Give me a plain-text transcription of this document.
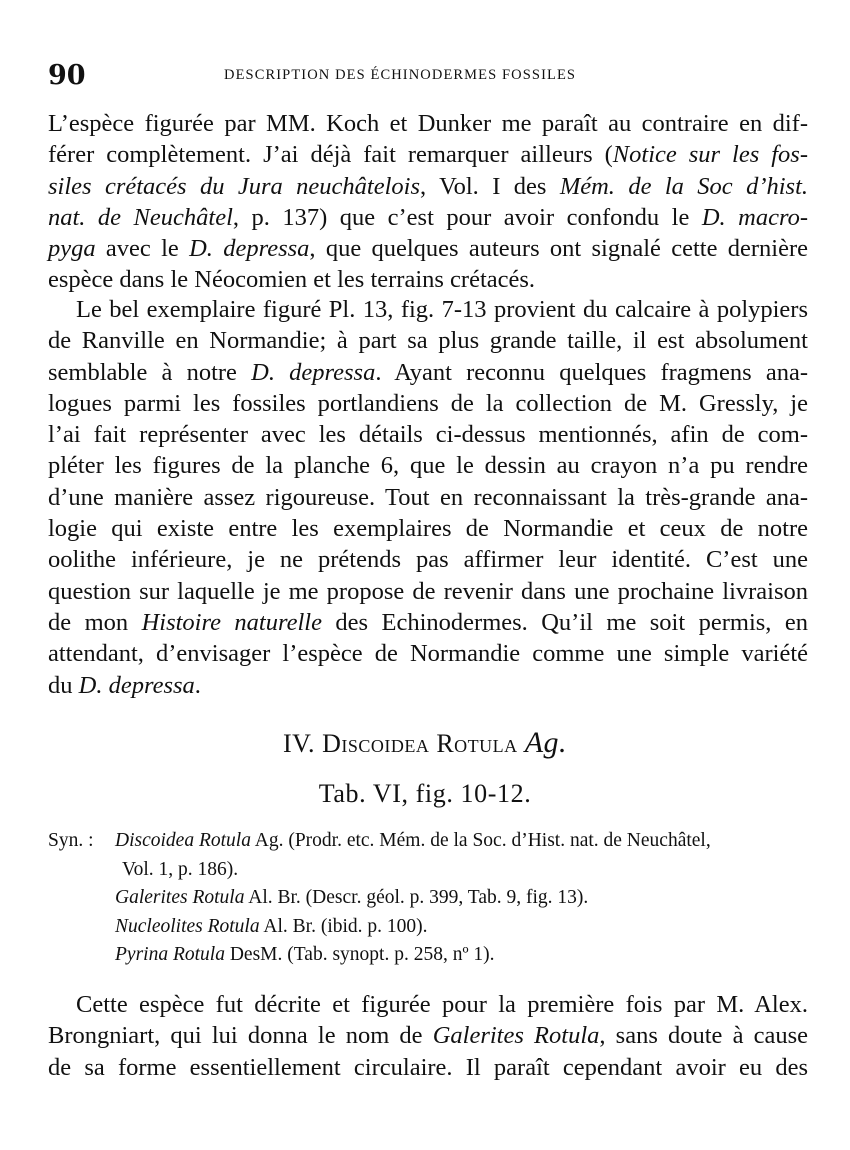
90	DESCRIPTION DES ÉCHINODERMES FOSSILES
L’espèce figurée par MM. Koch et Dunker me paraît au contraire en dif-
férer complètement. J’ai déjà fait remarquer ailleurs (Notice sur les fos-
siles crétacés du Jura neuchâtelois, Vol. I des Mém. de la Soc d’hist.
nat. de Neuchâtel, p. 137) que c’est pour avoir confondu le D. macro-
pyga avec le D. depressa, que quelques auteurs ont signalé cette dernière
espèce dans le Néocomien et les terrains crétacés.
Le bel exemplaire figuré Pl. 13, fig. 7-13 provient du calcaire à polypiers
de Ranville en Normandie; à part sa plus grande taille, il est absolument
semblable à notre D. depressa. Ayant reconnu quelques fragmens ana-
logues parmi les fossiles portlandiens de la collection de M. Gressly, je
l’ai fait représenter avec les détails ci-dessus mentionnés, afin de com-
pléter les figures de la planche 6, que le dessin au crayon n’a pu rendre
d’une manière assez rigoureuse. Tout en reconnaissant la très-grande ana-
logie qui existe entre les exemplaires de Normandie et ceux de notre
oolithe inférieure, je ne prétends pas affirmer leur identité. C’est une
question sur laquelle je me propose de revenir dans une prochaine livraison
de mon Histoire naturelle des Echinodermes. Qu’il me soit permis, en
attendant, d’envisager l’espèce de Normandie comme une simple variété
du D. depressa.
IV. Discoidea Rotula Ag.
Tab. VI, fig. 10-12.
Syn. : Discoidea Rotula Ag. (Prodr. etc. Mém. de la Soc. d’Hist. nat. de Neuchâtel,
Vol. 1, p. 186).
Galerites Rotula Al. Br. (Descr. géol. p. 399, Tab. 9, fig. 13).
Nucleolites Rotula Al. Br. (ibid. p. 100).
Pyrina Rotula DesM. (Tab. synopt. p. 258, nº 1).
Cette espèce fut décrite et figurée pour la première fois par M. Alex.
Brongniart, qui lui donna le nom de Galerites Rotula, sans doute à cause
de sa forme essentiellement circulaire. Il paraît cependant avoir eu des
